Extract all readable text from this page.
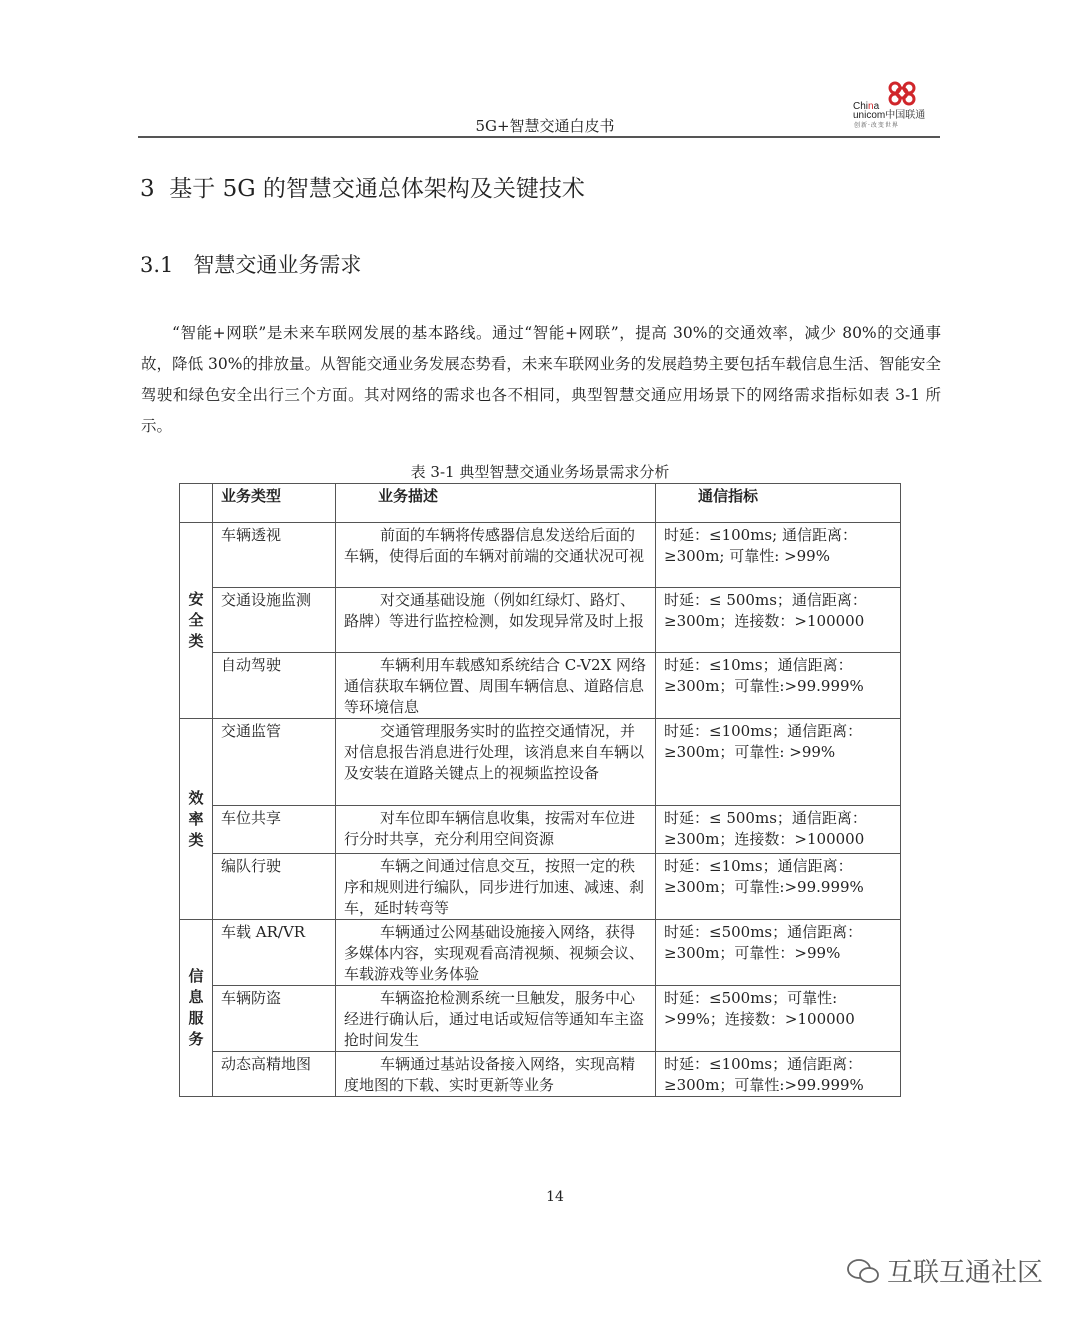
China
unicom中国联通
创新·改变世界
5G+智慧交通白皮书
3  基于 5G 的智慧交通总体架构及关键技术
3.1   智慧交通业务需求

“智能+网联”是未来车联网发展的基本路线。通过“智能+网联”，提高 30%的交通效率，减少 80%的交通事故，降低 30%的排放量。从智能交通业务发展态势看，未来车联网业务的发展趋势主要包括车载信息生活、智能安全驾驶和绿色安全出行三个方面。其对网络的需求也各不相同，典型智慧交通应用场景下的网络需求指标如表 3-1 所示。

表 3-1 典型智慧交通业务场景需求分析
	业务类型	业务描述	通信指标
安全类	车辆透视	前面的车辆将传感器信息发送给后面的车辆，使得后面的车辆对前端的交通状况可视	时延：≤100ms; 通信距离：≥300m; 可靠性: >99%
	交通设施监测	对交通基础设施（例如红绿灯、路灯、路牌）等进行监控检测，如发现异常及时上报	时延：≤ 500ms；通信距离：≥300m；连接数：>100000
	自动驾驶	车辆利用车载感知系统结合 C-V2X 网络通信获取车辆位置、周围车辆信息、道路信息等环境信息	时延：≤10ms；通信距离：≥300m；可靠性:>99.999%
效率类	交通监管	交通管理服务实时的监控交通情况，并对信息报告消息进行处理，该消息来自车辆以及安装在道路关键点上的视频监控设备	时延：≤100ms；通信距离：≥300m；可靠性: >99%
	车位共享	对车位即车辆信息收集，按需对车位进行分时共享，充分利用空间资源	时延：≤ 500ms；通信距离：≥300m；连接数：>100000
	编队行驶	车辆之间通过信息交互，按照一定的秩序和规则进行编队，同步进行加速、减速、刹车，延时转弯等	时延：≤10ms；通信距离：≥300m；可靠性:>99.999%
信息服务	车载 AR/VR	车辆通过公网基础设施接入网络，获得多媒体内容，实现观看高清视频、视频会议、车载游戏等业务体验	时延：≤500ms；通信距离：≥300m；可靠性：>99%
	车辆防盗	车辆盗抢检测系统一旦触发，服务中心经进行确认后，通过电话或短信等通知车主盗抢时间发生	时延：≤500ms；可靠性: >99%；连接数：>100000
	动态高精地图	车辆通过基站设备接入网络，实现高精度地图的下载、实时更新等业务	时延：≤100ms；通信距离：≥300m；可靠性:>99.999%
14
互联互通社区
